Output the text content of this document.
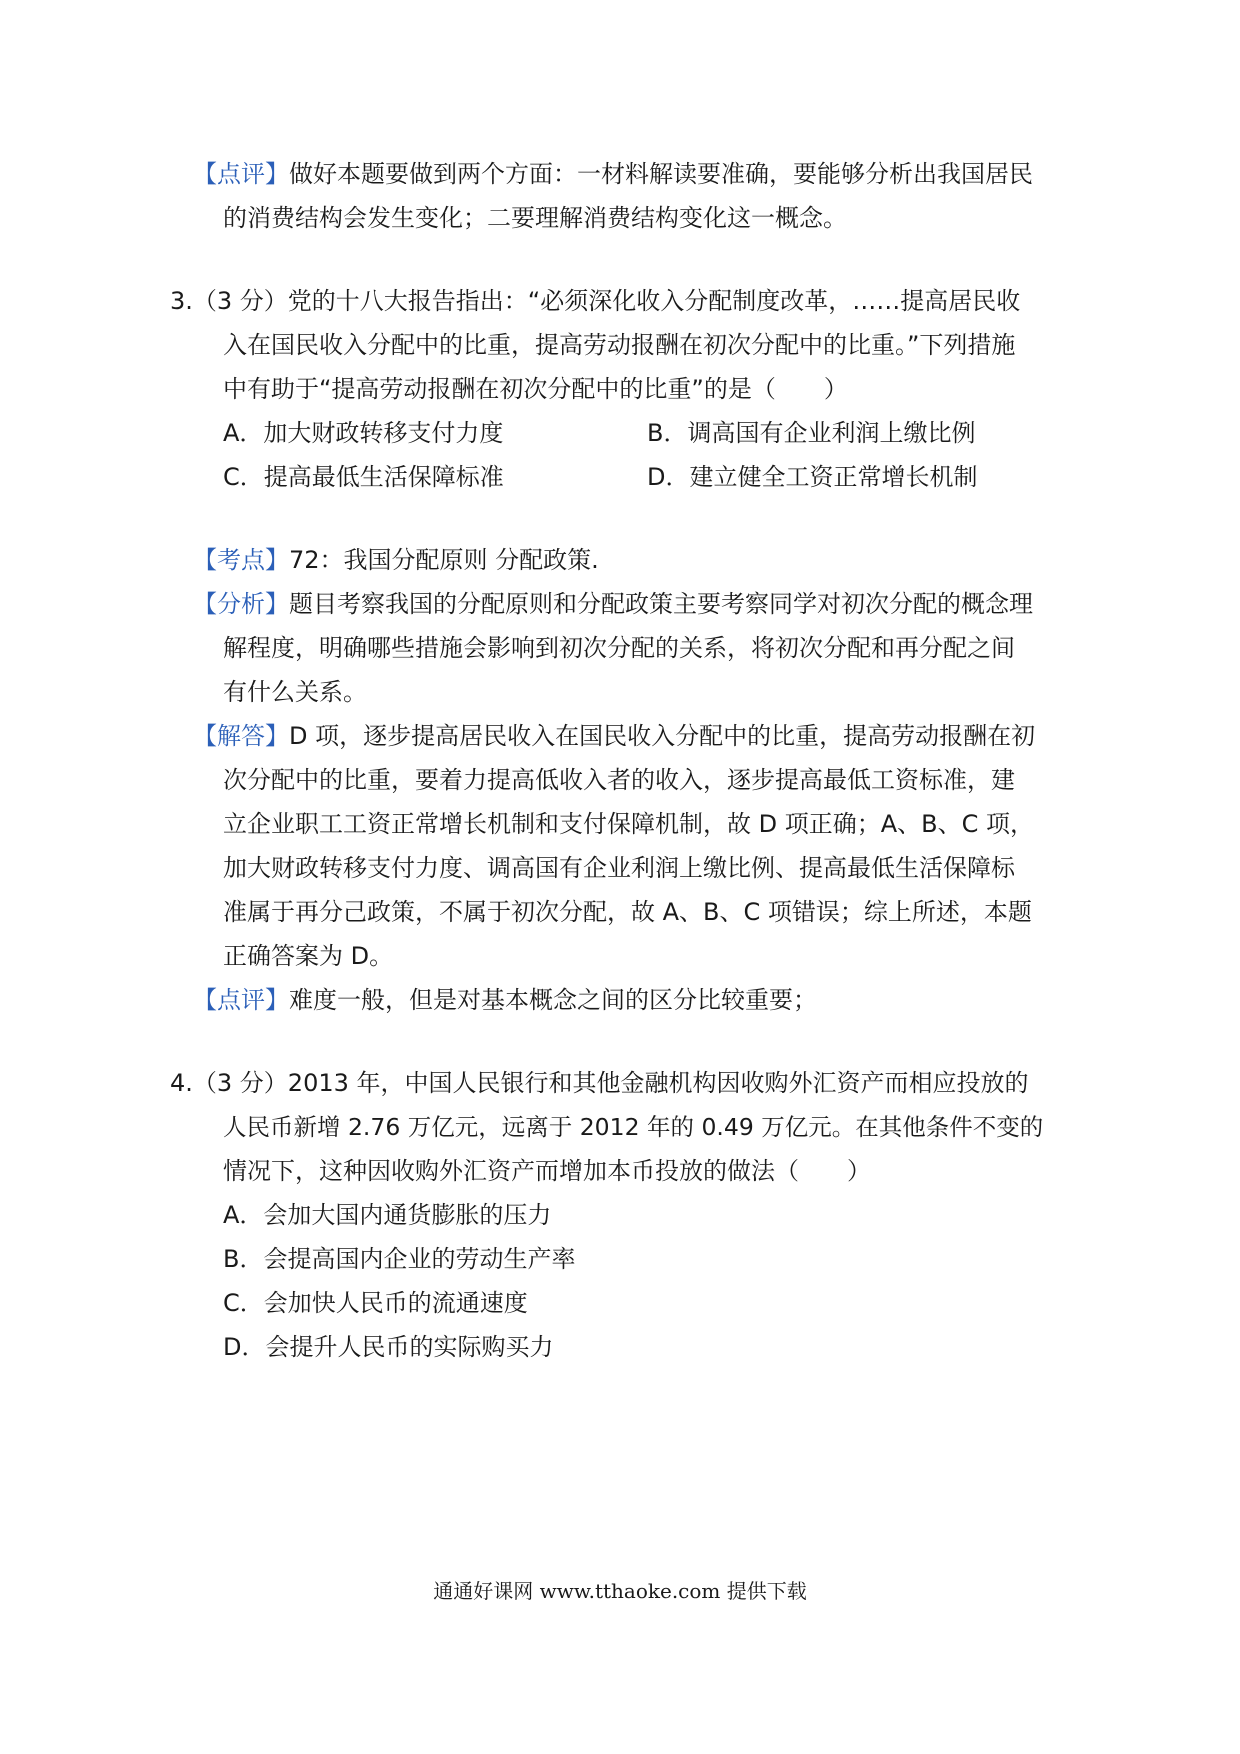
【点评】做好本题要做到两个方面：一材料解读要准确，要能够分析出我国居民
的消费结构会发生变化；二要理解消费结构变化这一概念。
3.（3 分）党的十八大报告指出：“必须深化收入分配制度改革，……提高居民收
入在国民收入分配中的比重，提高劳动报酬在初次分配中的比重。”下列措施
中有助于“提高劳动报酬在初次分配中的比重”的是（　　）
A．加大财政转移支付力度	B．调高国有企业利润上缴比例
C．提高最低生活保障标准	D．建立健全工资正常增长机制
【考点】72：我国分配原则 分配政策.
【分析】题目考察我国的分配原则和分配政策主要考察同学对初次分配的概念理
解程度，明确哪些措施会影响到初次分配的关系，将初次分配和再分配之间
有什么关系。
【解答】D 项，逐步提高居民收入在国民收入分配中的比重，提高劳动报酬在初
次分配中的比重，要着力提高低收入者的收入，逐步提高最低工资标准，建
立企业职工工资正常增长机制和支付保障机制，故 D 项正确；A、B、C 项，
加大财政转移支付力度、调高国有企业利润上缴比例、提高最低生活保障标
准属于再分己政策，不属于初次分配，故 A、B、C 项错误；综上所述，本题
正确答案为 D。
【点评】难度一般，但是对基本概念之间的区分比较重要；
4.（3 分）2013 年，中国人民银行和其他金融机构因收购外汇资产而相应投放的
人民币新增 2.76 万亿元，远离于 2012 年的 0.49 万亿元。在其他条件不变的
情况下，这种因收购外汇资产而增加本币投放的做法（　　）
A．会加大国内通货膨胀的压力
B．会提高国内企业的劳动生产率
C．会加快人民币的流通速度
D．会提升人民币的实际购买力
通通好课网 www.tthaoke.com 提供下载
